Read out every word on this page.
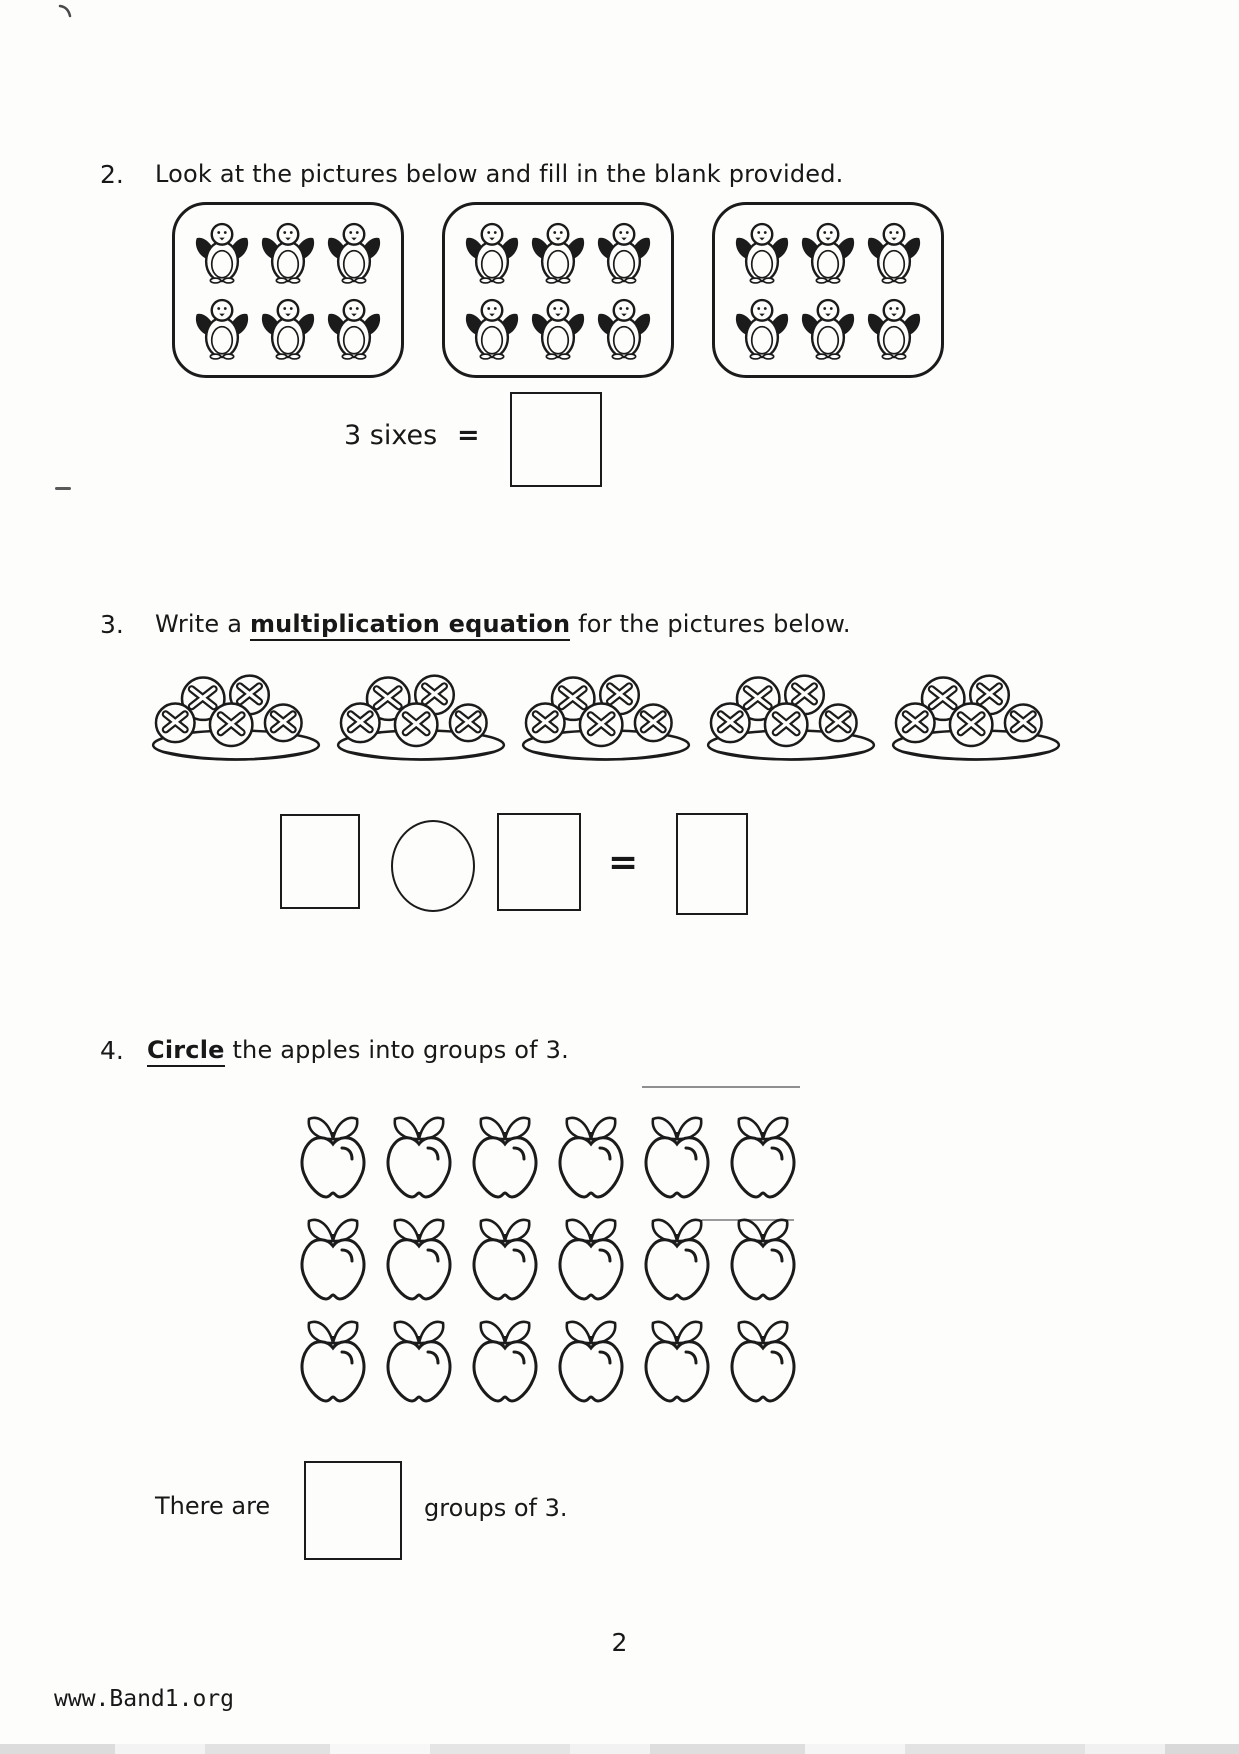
2. Look at the pictures below and fill in the blank provided.
3 sixes =
3. Write a multiplication equation for the pictures below.
=
4. Circle the apples into groups of 3.
There are	groups of 3.
2
www.Band1.org
